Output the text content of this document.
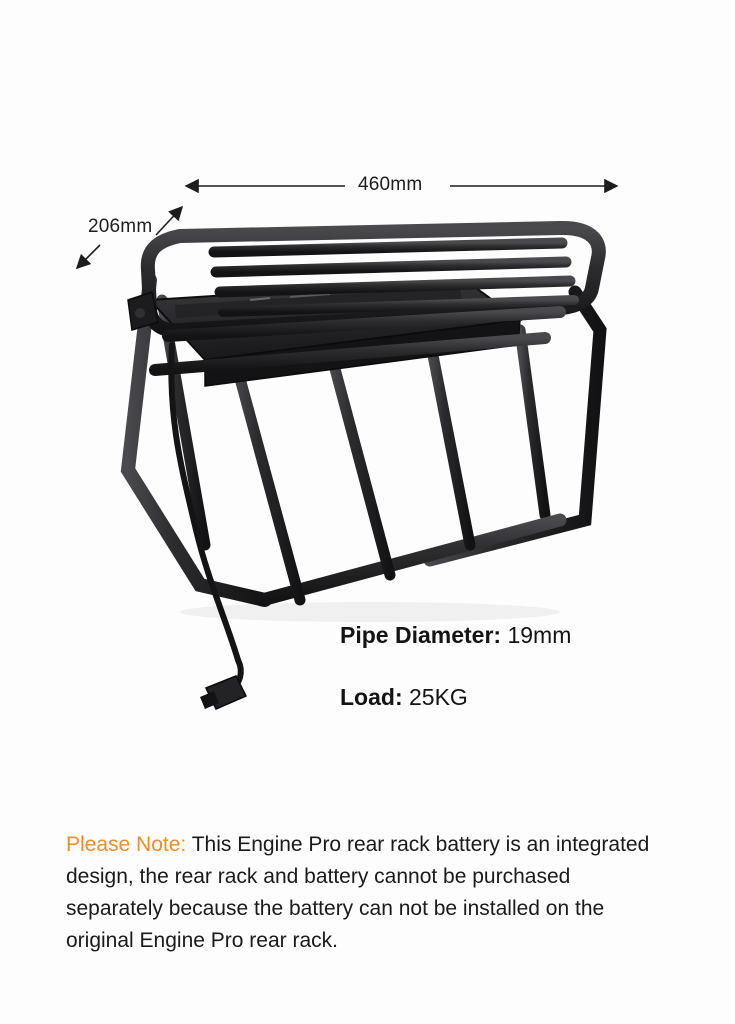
460mm
206mm
Pipe Diameter: 19mm
Load: 25KG

Please Note: This Engine Pro rear rack battery is an integrated design, the rear rack and battery cannot be purchased separately because the battery can not be installed on the original Engine Pro rear rack.
